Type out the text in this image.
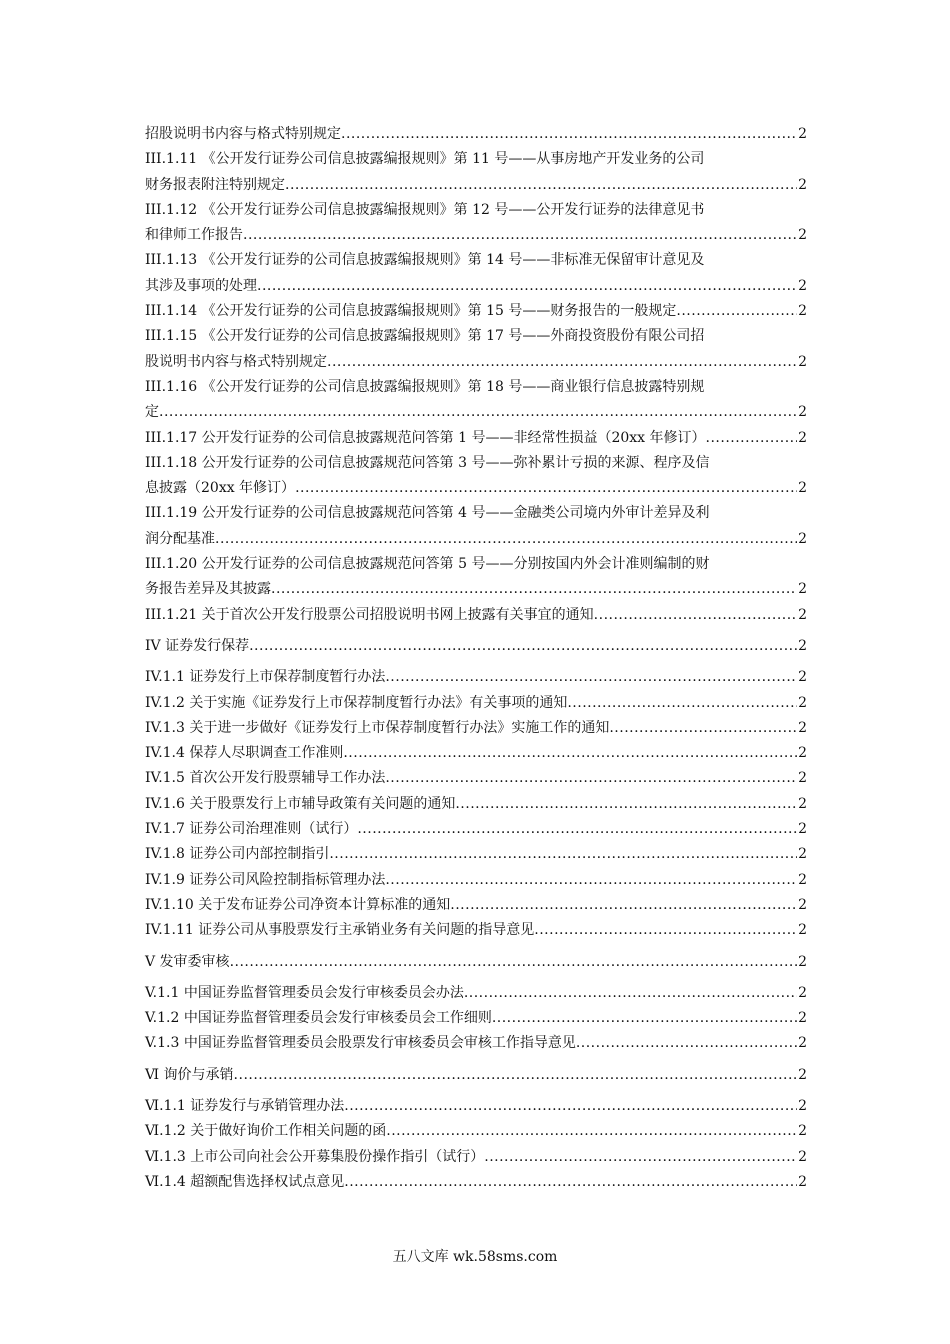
招股说明书内容与格式特别规定 .....	2
III.1.11 《公开发行证券公司信息披露编报规则》第 11 号——从事房地产开发业务的公司
财务报表附注特别规定 .....	2
III.1.12 《公开发行证券公司信息披露编报规则》第 12 号——公开发行证券的法律意见书
和律师工作报告 .....	2
III.1.13 《公开发行证券的公司信息披露编报规则》第 14 号——非标准无保留审计意见及
其涉及事项的处理 .....	2
III.1.14 《公开发行证券的公司信息披露编报规则》第 15 号——财务报告的一般规定 .....	2
III.1.15 《公开发行证券的公司信息披露编报规则》第 17 号——外商投资股份有限公司招
股说明书内容与格式特别规定 .....	2
III.1.16 《公开发行证券的公司信息披露编报规则》第 18 号——商业银行信息披露特别规
定 .....	2
III.1.17 公开发行证券的公司信息披露规范问答第 1 号——非经常性损益（20xx 年修订） .....	2
III.1.18 公开发行证券的公司信息披露规范问答第 3 号——弥补累计亏损的来源、程序及信
息披露（20xx 年修订） .....	2
III.1.19 公开发行证券的公司信息披露规范问答第 4 号——金融类公司境内外审计差异及利
润分配基准 .....	2
III.1.20 公开发行证券的公司信息披露规范问答第 5 号——分别按国内外会计准则编制的财
务报告差异及其披露 .....	2
III.1.21 关于首次公开发行股票公司招股说明书网上披露有关事宜的通知 .....	2
IV 证券发行保荐 .....	2
IV.1.1 证券发行上市保荐制度暂行办法 .....	2
IV.1.2 关于实施《证券发行上市保荐制度暂行办法》有关事项的通知 .....	2
IV.1.3 关于进一步做好《证券发行上市保荐制度暂行办法》实施工作的通知 .....	2
IV.1.4 保荐人尽职调查工作准则 .....	2
IV.1.5 首次公开发行股票辅导工作办法 .....	2
IV.1.6 关于股票发行上市辅导政策有关问题的通知 .....	2
IV.1.7 证券公司治理准则（试行） .....	2
IV.1.8 证券公司内部控制指引 .....	2
IV.1.9 证券公司风险控制指标管理办法 .....	2
IV.1.10 关于发布证券公司净资本计算标准的通知 .....	2
IV.1.11 证券公司从事股票发行主承销业务有关问题的指导意见 .....	2
V 发审委审核 .....	2
V.1.1 中国证券监督管理委员会发行审核委员会办法 .....	2
V.1.2 中国证券监督管理委员会发行审核委员会工作细则 .....	2
V.1.3 中国证券监督管理委员会股票发行审核委员会审核工作指导意见 .....	2
Ⅵ 询价与承销 .....	2
Ⅵ.1.1 证券发行与承销管理办法 .....	2
Ⅵ.1.2 关于做好询价工作相关问题的函 .....	2
Ⅵ.1.3 上市公司向社会公开募集股份操作指引（试行） .....	2
Ⅵ.1.4 超额配售选择权试点意见 .....	2
五八文库 wk.58sms.com
